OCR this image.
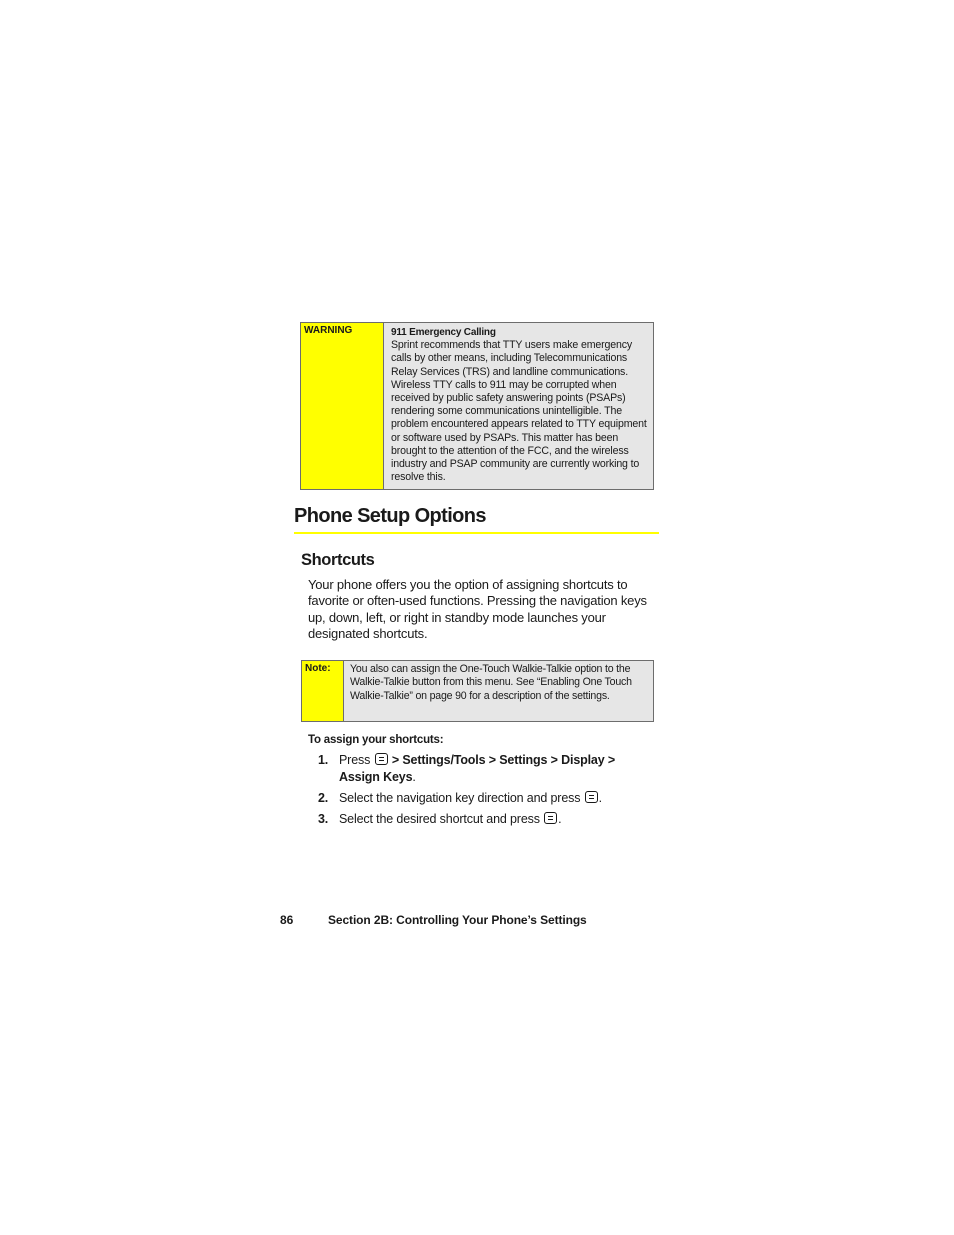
WARNING	911 Emergency Calling
Sprint recommends that TTY users make emergency calls by other means, including Telecommunications Relay Services (TRS) and landline communications. Wireless TTY calls to 911 may be corrupted when received by public safety answering points (PSAPs) rendering some communications unintelligible. The problem encountered appears related to TTY equipment or software used by PSAPs. This matter has been brought to the attention of the FCC, and the wireless industry and PSAP community are currently working to resolve this.
Phone Setup Options
Shortcuts

Your phone offers you the option of assigning shortcuts to favorite or often-used functions. Pressing the navigation keys up, down, left, or right in standby mode launches your designated shortcuts.

Note:	You also can assign the One-Touch Walkie-Talkie option to the Walkie-Talkie button from this menu. See “Enabling One Touch Walkie-Talkie” on page 90 for a description of the settings.
To assign your shortcuts:
1. Press > Settings/Tools > Settings > Display >
Assign Keys.
2. Select the navigation key direction and press .
3. Select the desired shortcut and press .
86	Section 2B: Controlling Your Phone’s Settings
